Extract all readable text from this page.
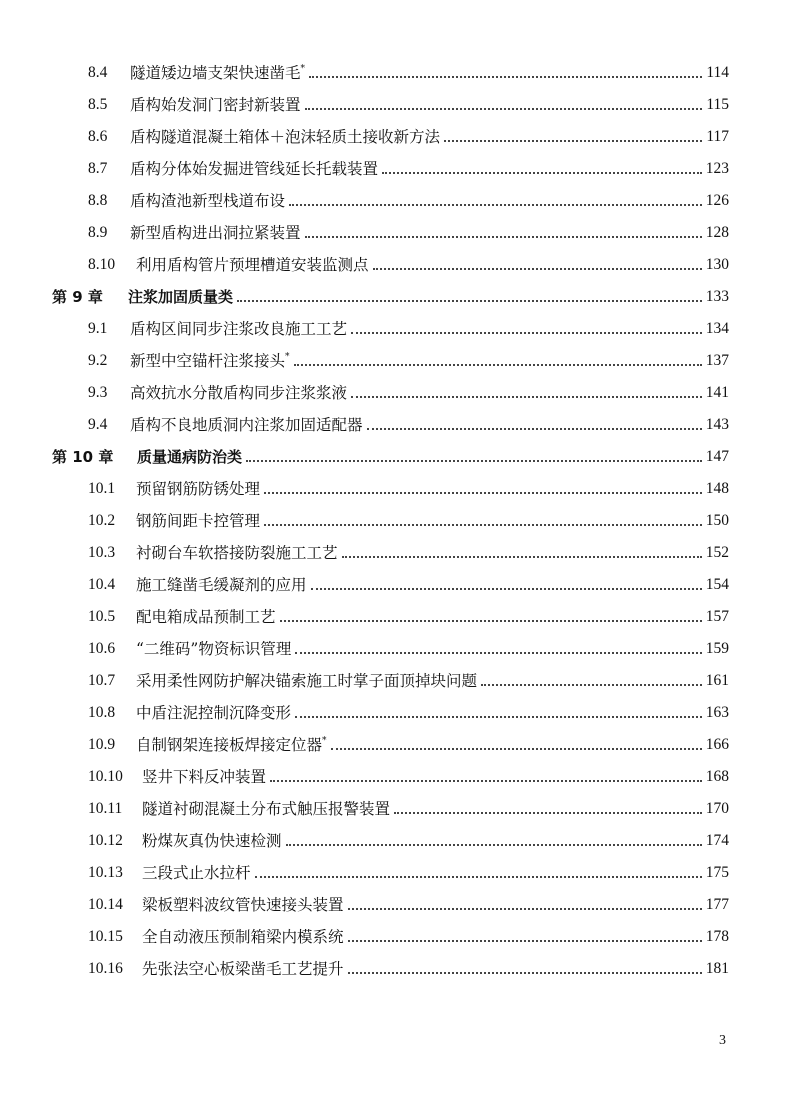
8.4	隧道矮边墙支架快速凿毛*	114
8.5	盾构始发洞门密封新装置	115
8.6	盾构隧道混凝土箱体＋泡沫轻质土接收新方法	117
8.7	盾构分体始发掘进管线延长托载装置	123
8.8	盾构渣池新型栈道布设	126
8.9	新型盾构进出洞拉紧装置	128
8.10	利用盾构管片预埋槽道安装监测点	130
第 9 章	注浆加固质量类	133
9.1	盾构区间同步注浆改良施工工艺	134
9.2	新型中空锚杆注浆接头*	137
9.3	高效抗水分散盾构同步注浆浆液	141
9.4	盾构不良地质洞内注浆加固适配器	143
第 10 章	质量通病防治类	147
10.1	预留钢筋防锈处理	148
10.2	钢筋间距卡控管理	150
10.3	衬砌台车软搭接防裂施工工艺	152
10.4	施工缝凿毛缓凝剂的应用	154
10.5	配电箱成品预制工艺	157
10.6	“二维码”物资标识管理	159
10.7	采用柔性网防护解决锚索施工时掌子面顶掉块问题	161
10.8	中盾注泥控制沉降变形	163
10.9	自制钢架连接板焊接定位器*	166
10.10	竖井下料反冲装置	168
10.11	隧道衬砌混凝土分布式触压报警装置	170
10.12	粉煤灰真伪快速检测	174
10.13	三段式止水拉杆	175
10.14	梁板塑料波纹管快速接头装置	177
10.15	全自动液压预制箱梁内模系统	178
10.16	先张法空心板梁凿毛工艺提升	181
3
